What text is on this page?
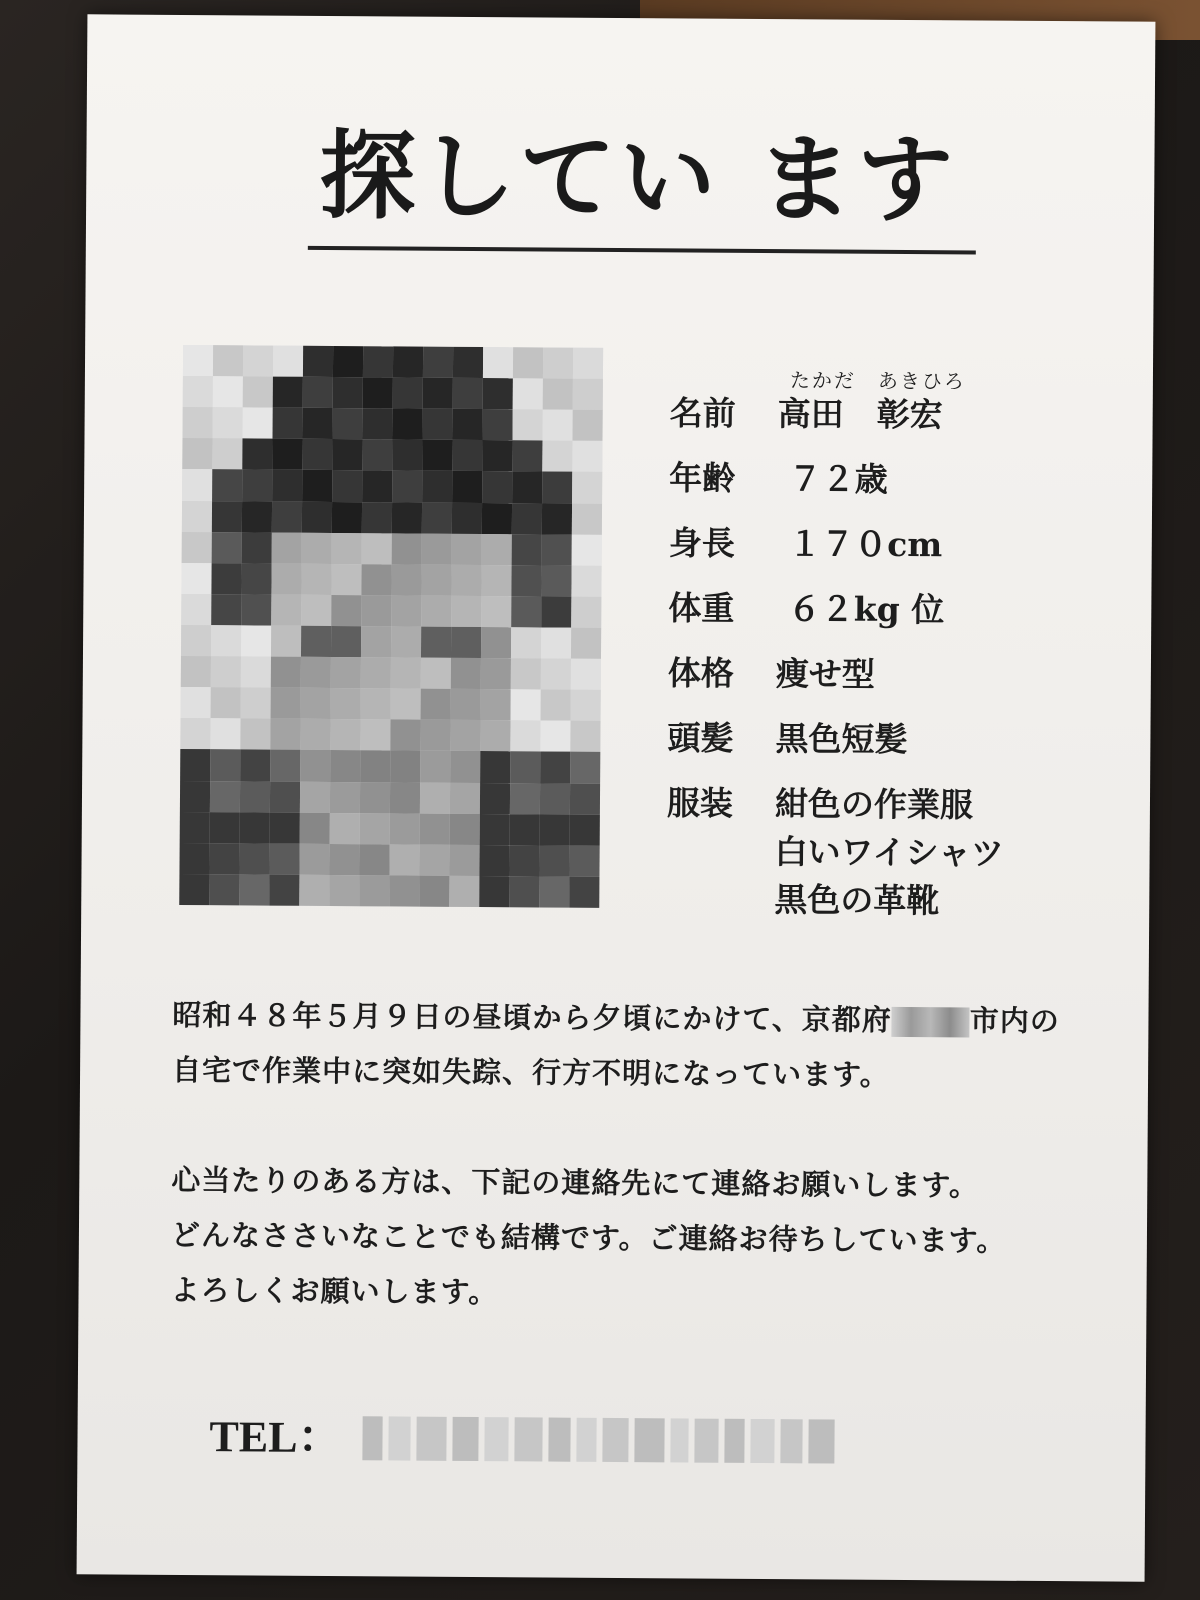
探してい ます
たかだ　あきひろ
名前	高田　彰宏
年齢	７２歳
身長	１７０cm
体重	６２kg 位
体格	痩せ型
頭髪	黒色短髪
服装	紺色の作業服
白いワイシャツ
黒色の革靴
昭和４８年５月９日の昼頃から夕頃にかけて、京都府	市内の
自宅で作業中に突如失踪、行方不明になっています。
心当たりのある方は、下記の連絡先にて連絡お願いします。
どんなささいなことでも結構です。ご連絡お待ちしています。
よろしくお願いします。
TEL：
